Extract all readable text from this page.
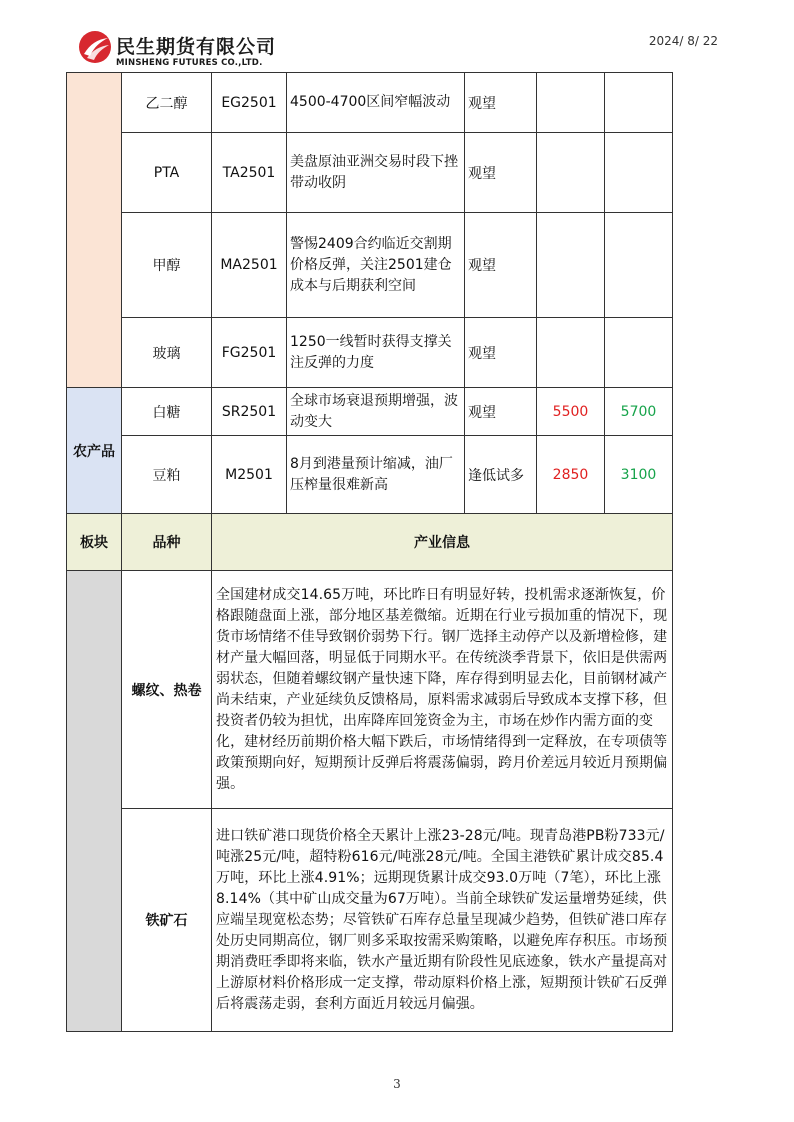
民生期货有限公司
MINSHENG FUTURES CO.,LTD.
2024/ 8/ 22
	乙二醇	EG2501	4500-4700区间窄幅波动	观望		
	PTA	TA2501	美盘原油亚洲交易时段下挫带动收阴	观望		
	甲醇	MA2501	警惕2409合约临近交割期价格反弹，关注2501建仓成本与后期获利空间	观望		
	玻璃	FG2501	1250一线暂时获得支撑关注反弹的力度	观望		
农产品	白糖	SR2501	全球市场衰退预期增强，波动变大	观望	5500	5700
	豆粕	M2501	8月到港量预计缩减，油厂压榨量很难新高	逢低试多	2850	3100
板块	品种	产业信息				
	螺纹、热卷	全国建材成交14.65万吨，环比昨日有明显好转，投机需求逐渐恢复，价格跟随盘面上涨，部分地区基差微缩。近期在行业亏损加重的情况下，现货市场情绪不佳导致钢价弱势下行。钢厂选择主动停产以及新增检修，建材产量大幅回落，明显低于同期水平。在传统淡季背景下，依旧是供需两弱状态，但随着螺纹钢产量快速下降，库存得到明显去化，目前钢材减产尚未结束，产业延续负反馈格局，原料需求减弱后导致成本支撑下移，但投资者仍较为担忧，出库降库回笼资金为主，市场在炒作内需方面的变化，建材经历前期价格大幅下跌后，市场情绪得到一定释放，在专项债等政策预期向好，短期预计反弹后将震荡偏弱，跨月价差远月较近月预期偏强。				
	铁矿石	进口铁矿港口现货价格全天累计上涨23-28元/吨。现青岛港PB粉733元/吨涨25元/吨，超特粉616元/吨涨28元/吨。全国主港铁矿累计成交85.4万吨，环比上涨4.91%；远期现货累计成交93.0万吨（7笔），环比上涨8.14%（其中矿山成交量为67万吨）。当前全球铁矿发运量增势延续，供应端呈现宽松态势；尽管铁矿石库存总量呈现减少趋势，但铁矿港口库存处历史同期高位，钢厂则多采取按需采购策略，以避免库存积压。市场预期消费旺季即将来临，铁水产量近期有阶段性见底迹象，铁水产量提高对上游原材料价格形成一定支撑，带动原料价格上涨，短期预计铁矿石反弹后将震荡走弱，套利方面近月较远月偏强。				
3
